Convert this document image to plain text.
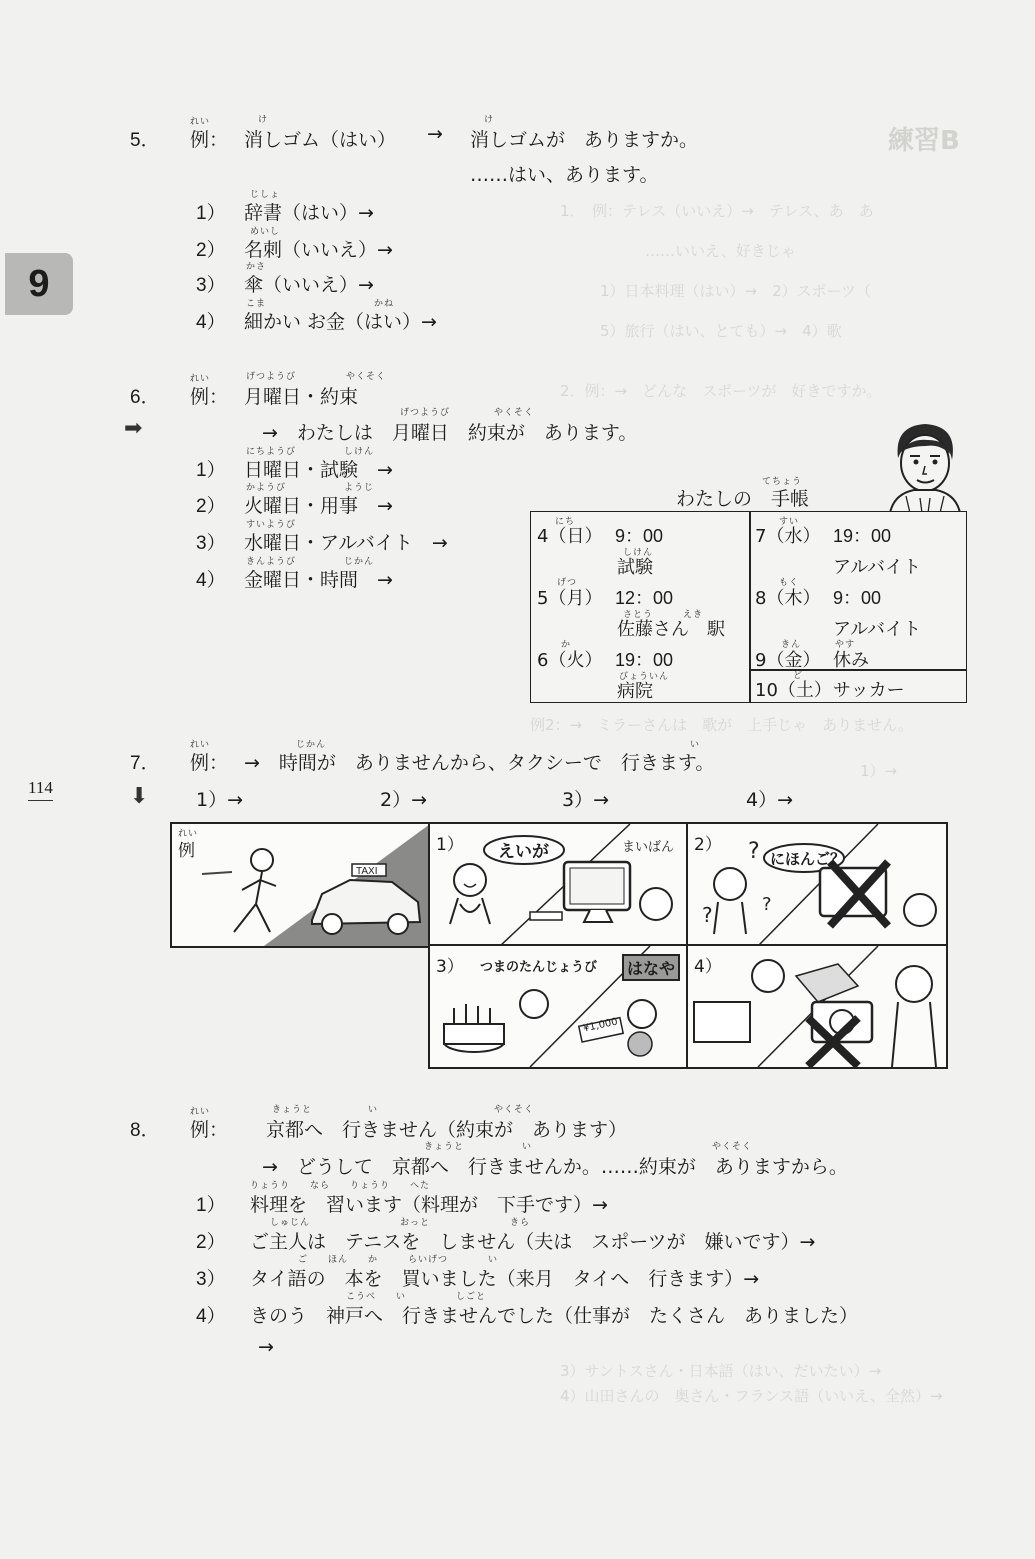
練習B
1．　例：テレス（いいえ）→　テレス、あ　あ
　　　……いいえ、好きじゃ
1）日本料理（はい）→　2）スポーツ（
5）旅行（はい、とても）→　4）歌
2．例：→　どんな　スポーツが　好きですか。
　　例2：→　ミラーさんは　歌が　上手じゃ　ありません。
1）→
3）サントスさん・日本語（はい、だいたい）→
4）山田さんの　奥さん・フランス語（いいえ、全然）→
9
114
5．
れい
例：
け
消しゴム（はい） →
け
消しゴムが　ありますか。
……はい、あります。
1）
じしょ
辞書（はい）→
2）
めいし
名刺（いいえ）→
3）
かさ
傘（いいえ）→
4）
こま	かね
細かい お金（はい）→
6．
れい
例：
げつようび	やくそく
月曜日・約束
➡
げつようび	やくそく
→　わたしは　月曜日　約束が　あります。
1）
にちようび	しけん
日曜日・試験　→
2）
かようび	ようじ
火曜日・用事　→
3）
すいようび
水曜日・アルバイト　→
4）
きんようび	じかん
金曜日・時間　→
てちょう
わたしの　手帳
にち
4（日） 9：00
しけん
試験
げつ
5（月） 12：00
さとう　　　えき
佐藤さん　駅
か
6（火） 19：00
びょういん
病院
すい
7（水） 19：00
アルバイト
もく
8（木） 9：00
アルバイト
きん
9（金）
やす
休み
ど
10（土） サッカー
7．
れい
例：
じかん	い
→　時間が　ありませんから、タクシーで　行きます。
⬇	1）→	2）→	3）→	4）→
れい
例
TAXI
1） えいが	まいばん	?
?	?
2）
にほんご？
3） つまのたんじょうび	はなや
¥1,000
4）
8．
れい
例：
きょうと	い	やくそく
京都へ　行きません（約束が　あります）
きょうと	い	やくそく
→　どうして　京都へ　行きませんか。……約束が　ありますから。
1）
りょうり　　なら　　りょうり　　へた
料理を　習います（料理が　下手です）→
2）
しゅじん　　　　　　　　　おっと　　　　　　　　きら
ご主人は　テニスを　しません（夫は　スポーツが　嫌いです）→
3）
ご　　ほん　　か　　　らいげつ　　　　い
タイ語の　本を　買いました（来月　タイへ　行きます）→
4）
こうべ　　い　　　　　しごと
きのう　神戸へ　行きませんでした（仕事が　たくさん　ありました）
→
